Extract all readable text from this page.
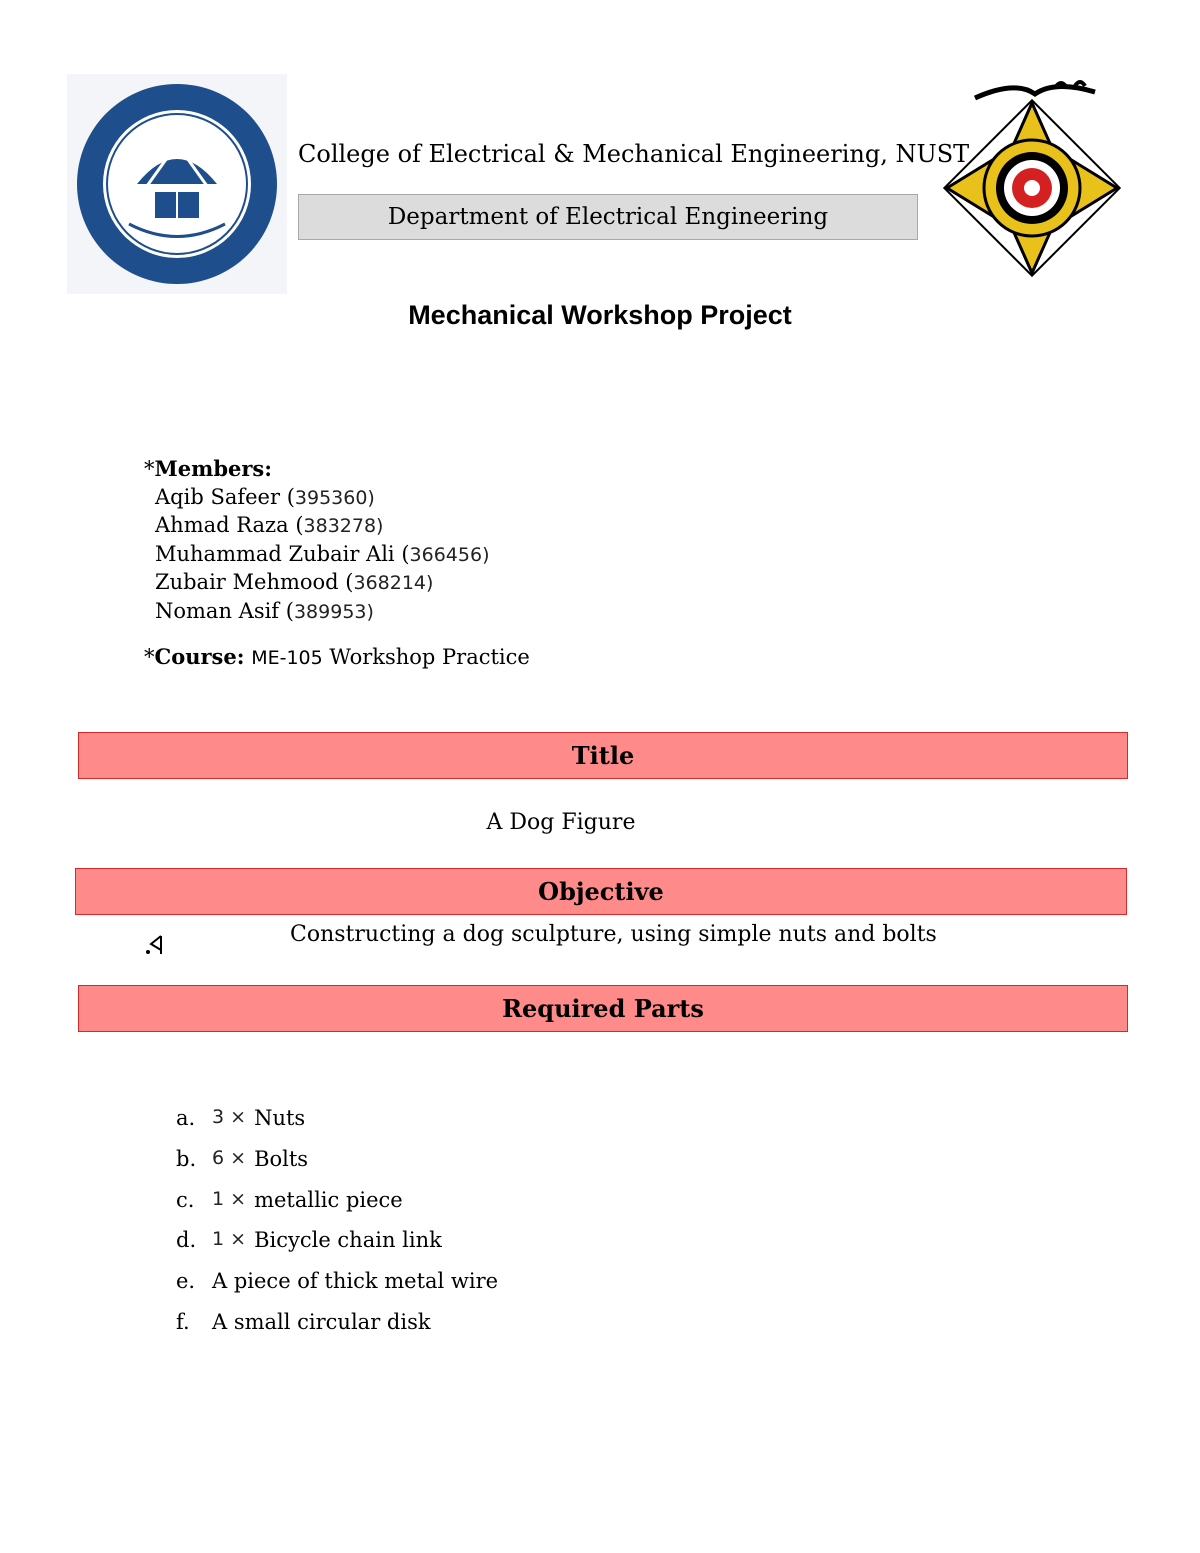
College of Electrical & Mechanical Engineering, NUST
Department of Electrical Engineering
Mechanical Workshop Project
*Members:
Aqib Safeer (395360)
Ahmad Raza (383278)
Muhammad Zubair Ali (366456)
Zubair Mehmood (368214)
Noman Asif (389953)
*Course: ME-105 Workshop Practice
Title
A Dog Figure
Objective
Constructing a dog sculpture, using simple nuts and bolts
Required Parts
a. 3 × Nuts
b. 6 × Bolts
c. 1 × metallic piece
d. 1 × Bicycle chain link
e. A piece of thick metal wire
f.	A small circular disk
